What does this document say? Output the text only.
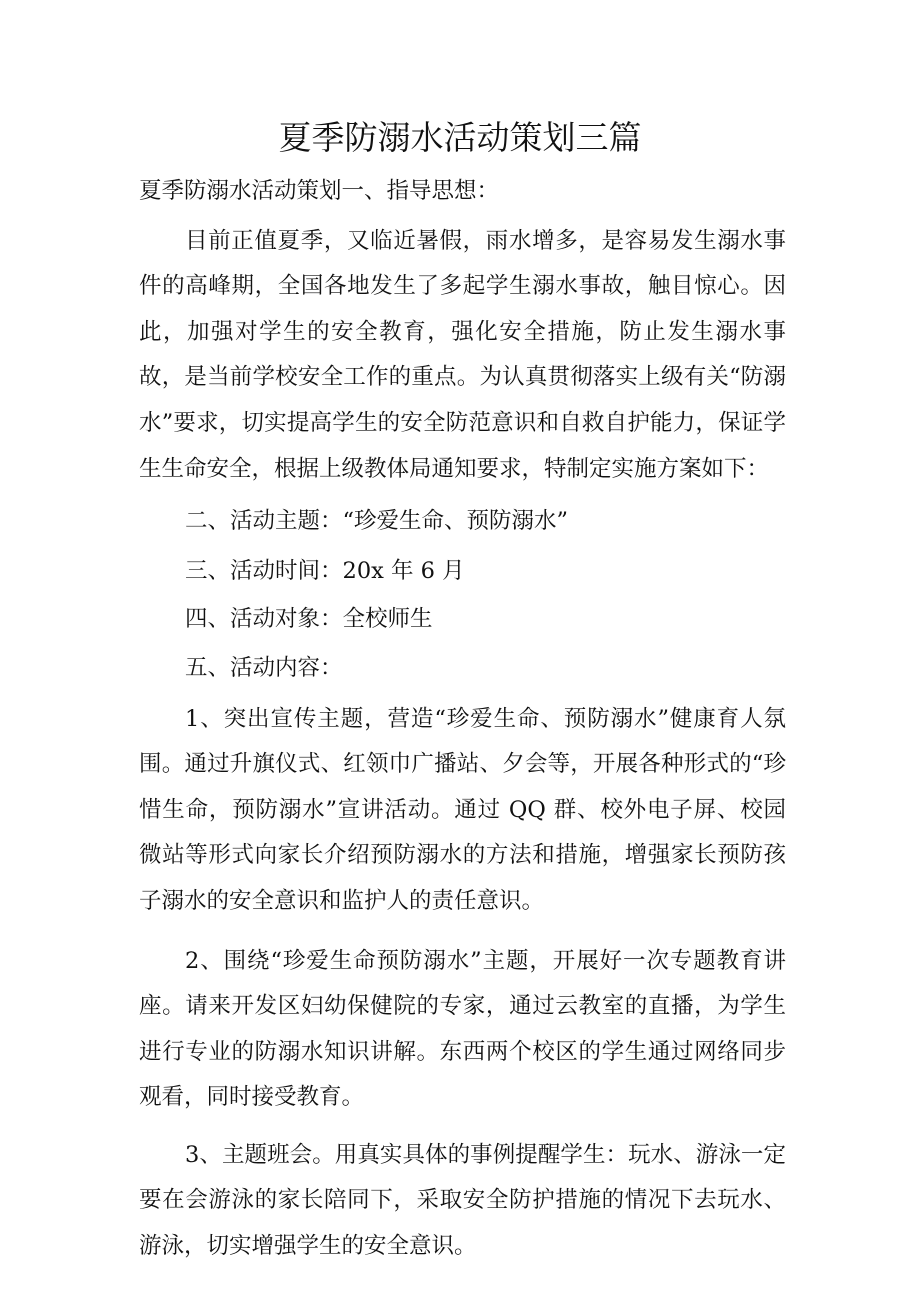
夏季防溺水活动策划三篇

夏季防溺水活动策划一、指导思想：

目前正值夏季，又临近暑假，雨水增多，是容易发生溺水事件的高峰期，全国各地发生了多起学生溺水事故，触目惊心。因此，加强对学生的安全教育，强化安全措施，防止发生溺水事故，是当前学校安全工作的重点。为认真贯彻落实上级有关“防溺水”要求，切实提高学生的安全防范意识和自救自护能力，保证学生生命安全，根据上级教体局通知要求，特制定实施方案如下：

二、活动主题：“珍爱生命、预防溺水”

三、活动时间：20x 年 6 月

四、活动对象：全校师生

五、活动内容：

1、突出宣传主题，营造“珍爱生命、预防溺水”健康育人氛围。通过升旗仪式、红领巾广播站、夕会等，开展各种形式的“珍惜生命，预防溺水”宣讲活动。通过 QQ 群、校外电子屏、校园微站等形式向家长介绍预防溺水的方法和措施，增强家长预防孩子溺水的安全意识和监护人的责任意识。

2、围绕“珍爱生命预防溺水”主题，开展好一次专题教育讲座。请来开发区妇幼保健院的专家，通过云教室的直播，为学生进行专业的防溺水知识讲解。东西两个校区的学生通过网络同步观看，同时接受教育。

3、主题班会。用真实具体的事例提醒学生：玩水、游泳一定要在会游泳的家长陪同下，采取安全防护措施的情况下去玩水、游泳，切实增强学生的安全意识。
